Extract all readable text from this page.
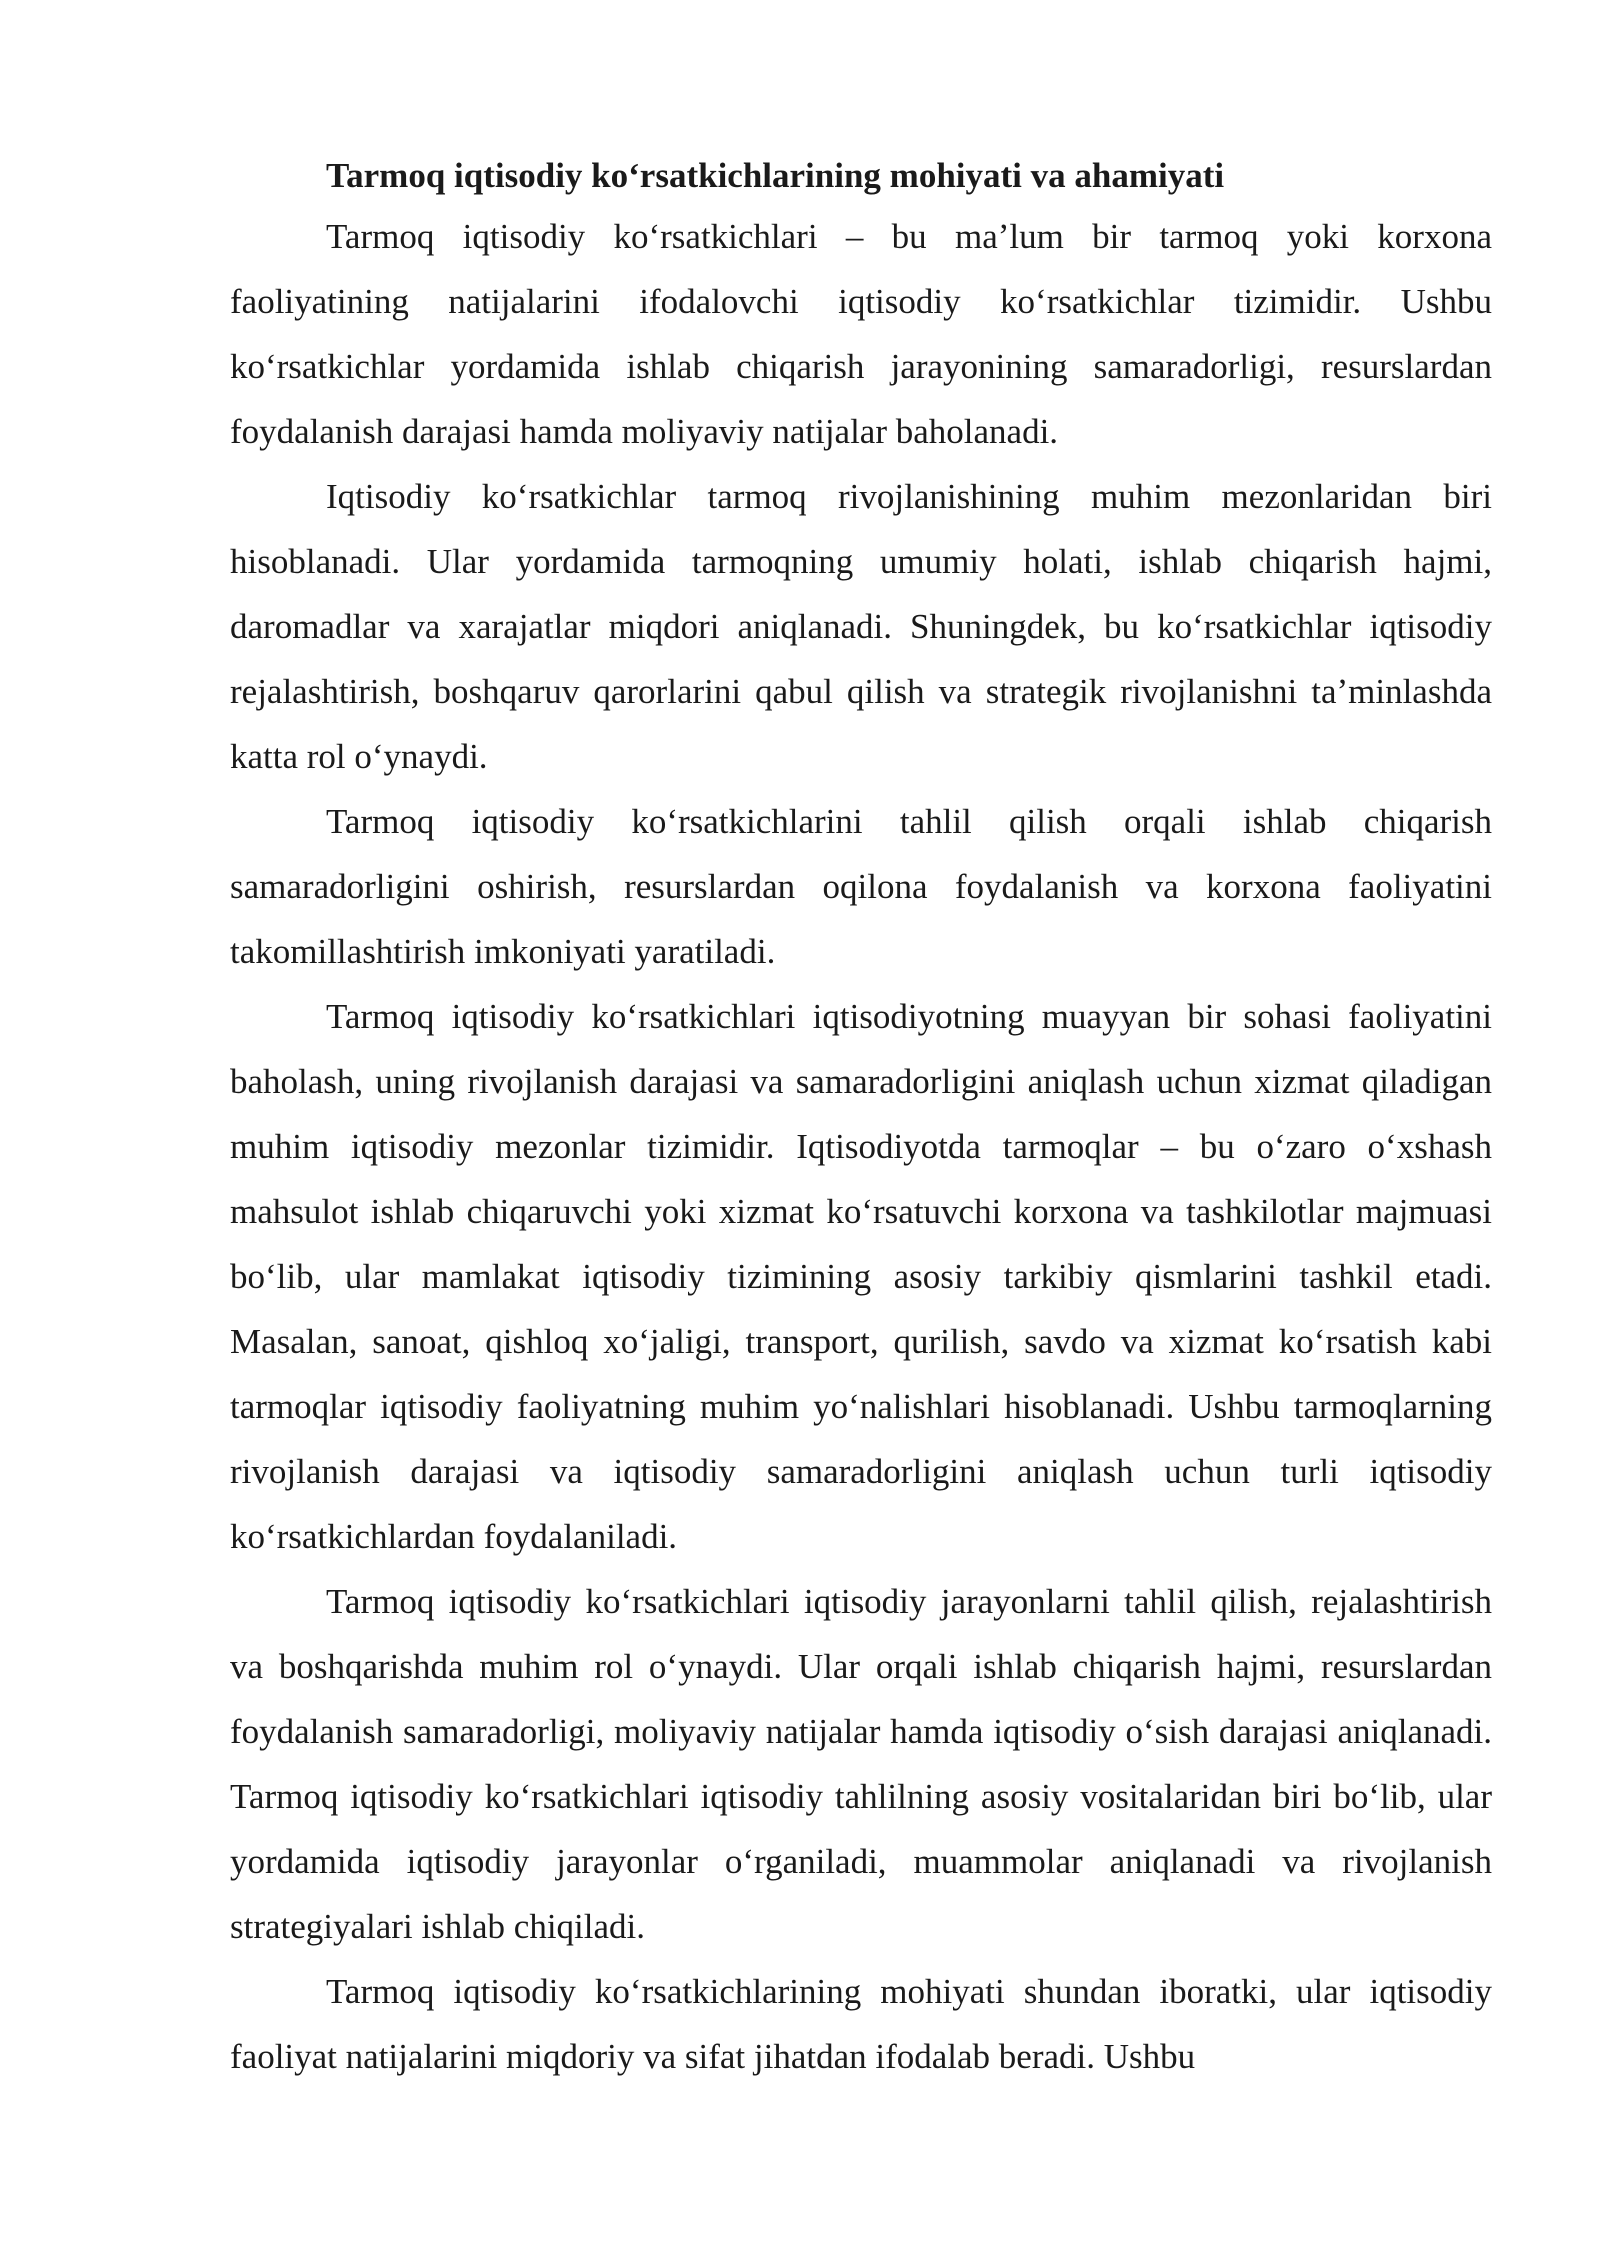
Tarmoq iqtisodiy koʻrsatkichlarining mohiyati va ahamiyati

Tarmoq iqtisodiy koʻrsatkichlari – bu maʼlum bir tarmoq yoki korxona faoliyatining natijalarini ifodalovchi iqtisodiy koʻrsatkichlar tizimidir. Ushbu koʻrsatkichlar yordamida ishlab chiqarish jarayonining samaradorligi, resurslardan foydalanish darajasi hamda moliyaviy natijalar baholanadi.

Iqtisodiy koʻrsatkichlar tarmoq rivojlanishining muhim mezonlaridan biri hisoblanadi. Ular yordamida tarmoqning umumiy holati, ishlab chiqarish hajmi, daromadlar va xarajatlar miqdori aniqlanadi. Shuningdek, bu koʻrsatkichlar iqtisodiy rejalashtirish, boshqaruv qarorlarini qabul qilish va strategik rivojlanishni taʼminlashda katta rol oʻynaydi.

Tarmoq iqtisodiy koʻrsatkichlarini tahlil qilish orqali ishlab chiqarish samaradorligini oshirish, resurslardan oqilona foydalanish va korxona faoliyatini takomillashtirish imkoniyati yaratiladi.

Tarmoq iqtisodiy koʻrsatkichlari iqtisodiyotning muayyan bir sohasi faoliyatini baholash, uning rivojlanish darajasi va samaradorligini aniqlash uchun xizmat qiladigan muhim iqtisodiy mezonlar tizimidir. Iqtisodiyotda tarmoqlar – bu oʻzaro oʻxshash mahsulot ishlab chiqaruvchi yoki xizmat koʻrsatuvchi korxona va tashkilotlar majmuasi boʻlib, ular mamlakat iqtisodiy tizimining asosiy tarkibiy qismlarini tashkil etadi. Masalan, sanoat, qishloq xoʻjaligi, transport, qurilish, savdo va xizmat koʻrsatish kabi tarmoqlar iqtisodiy faoliyatning muhim yoʻnalishlari hisoblanadi. Ushbu tarmoqlarning rivojlanish darajasi va iqtisodiy samaradorligini aniqlash uchun turli iqtisodiy koʻrsatkichlardan foydalaniladi.

Tarmoq iqtisodiy koʻrsatkichlari iqtisodiy jarayonlarni tahlil qilish, rejalashtirish va boshqarishda muhim rol oʻynaydi. Ular orqali ishlab chiqarish hajmi, resurslardan foydalanish samaradorligi, moliyaviy natijalar hamda iqtisodiy oʻsish darajasi aniqlanadi. Tarmoq iqtisodiy koʻrsatkichlari iqtisodiy tahlilning asosiy vositalaridan biri boʻlib, ular yordamida iqtisodiy jarayonlar oʻrganiladi, muammolar aniqlanadi va rivojlanish strategiyalari ishlab chiqiladi.

Tarmoq iqtisodiy koʻrsatkichlarining mohiyati shundan iboratki, ular iqtisodiy faoliyat natijalarini miqdoriy va sifat jihatdan ifodalab beradi. Ushbu
